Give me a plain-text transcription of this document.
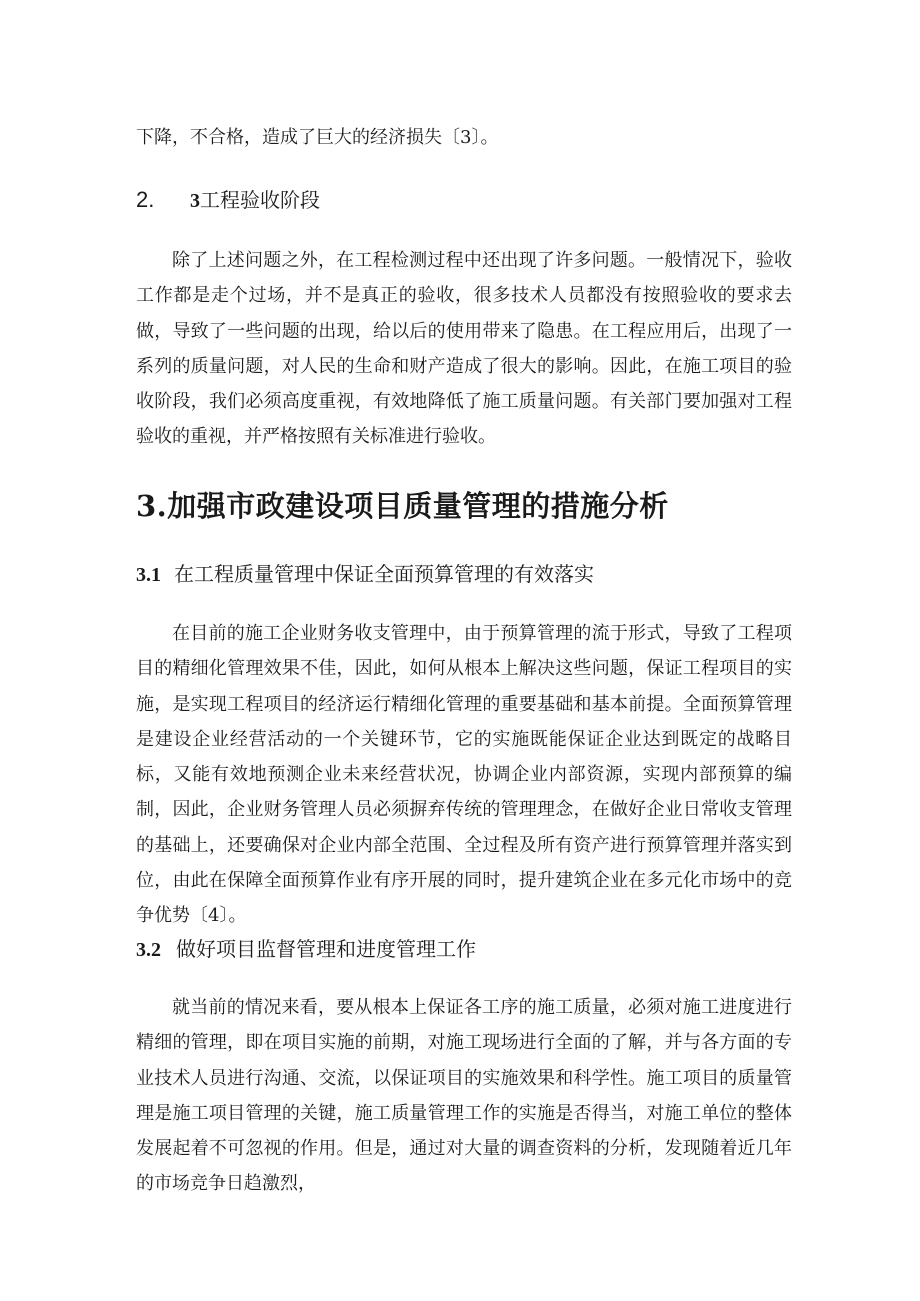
下降，不合格，造成了巨大的经济损失〔3〕。

2. 3工程验收阶段

除了上述问题之外，在工程检测过程中还出现了许多问题。一般情况下，验收工作都是走个过场，并不是真正的验收，很多技术人员都没有按照验收的要求去做，导致了一些问题的出现，给以后的使用带来了隐患。在工程应用后，出现了一系列的质量问题，对人民的生命和财产造成了很大的影响。因此，在施工项目的验收阶段，我们必须高度重视，有效地降低了施工质量问题。有关部门要加强对工程验收的重视，并严格按照有关标准进行验收。

3.加强市政建设项目质量管理的措施分析
3.1 在工程质量管理中保证全面预算管理的有效落实

在目前的施工企业财务收支管理中，由于预算管理的流于形式，导致了工程项目的精细化管理效果不佳，因此，如何从根本上解决这些问题，保证工程项目的实施，是实现工程项目的经济运行精细化管理的重要基础和基本前提。全面预算管理是建设企业经营活动的一个关键环节，它的实施既能保证企业达到既定的战略目标，又能有效地预测企业未来经营状况，协调企业内部资源，实现内部预算的编制，因此，企业财务管理人员必须摒弃传统的管理理念，在做好企业日常收支管理的基础上，还要确保对企业内部全范围、全过程及所有资产进行预算管理并落实到位，由此在保障全面预算作业有序开展的同时，提升建筑企业在多元化市场中的竞争优势〔4〕。

3.2 做好项目监督管理和进度管理工作

就当前的情况来看，要从根本上保证各工序的施工质量，必须对施工进度进行精细的管理，即在项目实施的前期，对施工现场进行全面的了解，并与各方面的专业技术人员进行沟通、交流，以保证项目的实施效果和科学性。施工项目的质量管理是施工项目管理的关键，施工质量管理工作的实施是否得当，对施工单位的整体发展起着不可忽视的作用。但是，通过对大量的调查资料的分析，发现随着近几年的市场竞争日趋激烈，
